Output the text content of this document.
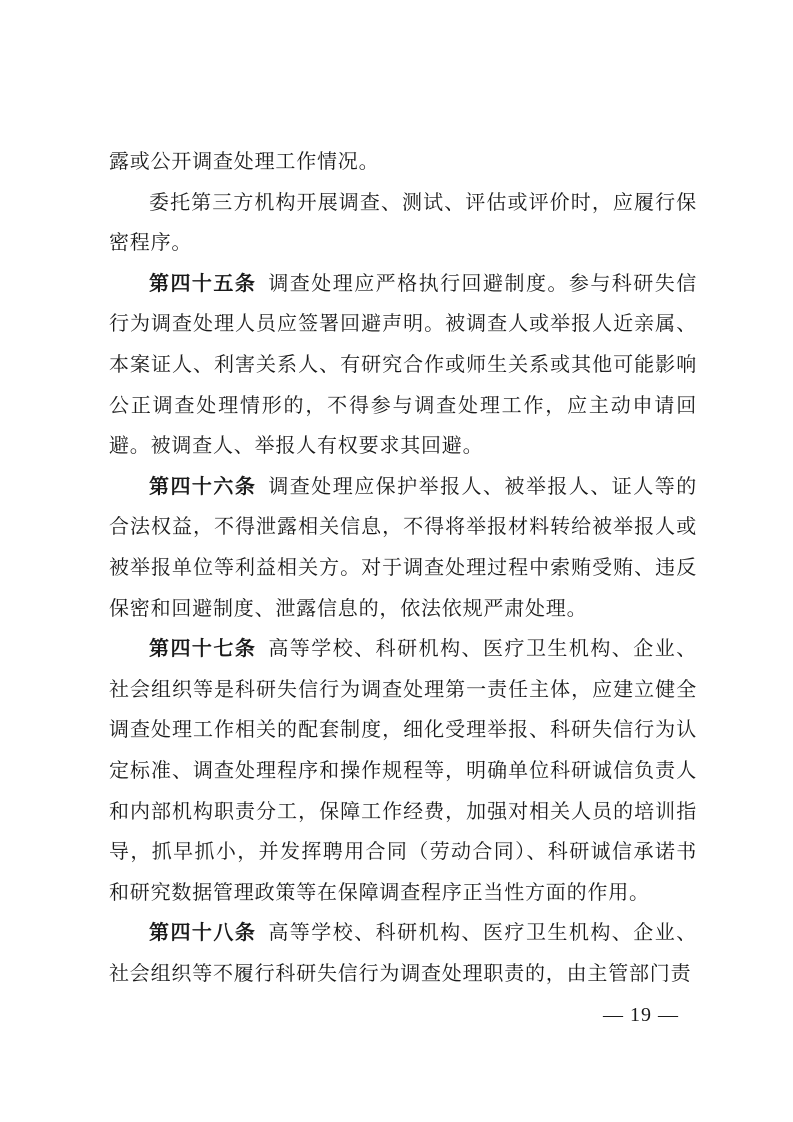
露或公开调查处理工作情况。

委托第三方机构开展调查、测试、评估或评价时，应履行保密程序。

第四十五条 调查处理应严格执行回避制度。参与科研失信行为调查处理人员应签署回避声明。被调查人或举报人近亲属、本案证人、利害关系人、有研究合作或师生关系或其他可能影响公正调查处理情形的，不得参与调查处理工作，应主动申请回避。被调查人、举报人有权要求其回避。

第四十六条 调查处理应保护举报人、被举报人、证人等的合法权益，不得泄露相关信息，不得将举报材料转给被举报人或被举报单位等利益相关方。对于调查处理过程中索贿受贿、违反保密和回避制度、泄露信息的，依法依规严肃处理。

第四十七条 高等学校、科研机构、医疗卫生机构、企业、社会组织等是科研失信行为调查处理第一责任主体，应建立健全调查处理工作相关的配套制度，细化受理举报、科研失信行为认定标准、调查处理程序和操作规程等，明确单位科研诚信负责人和内部机构职责分工，保障工作经费，加强对相关人员的培训指导，抓早抓小，并发挥聘用合同（劳动合同）、科研诚信承诺书和研究数据管理政策等在保障调查程序正当性方面的作用。

第四十八条 高等学校、科研机构、医疗卫生机构、企业、社会组织等不履行科研失信行为调查处理职责的，由主管部门责

— 19 —
